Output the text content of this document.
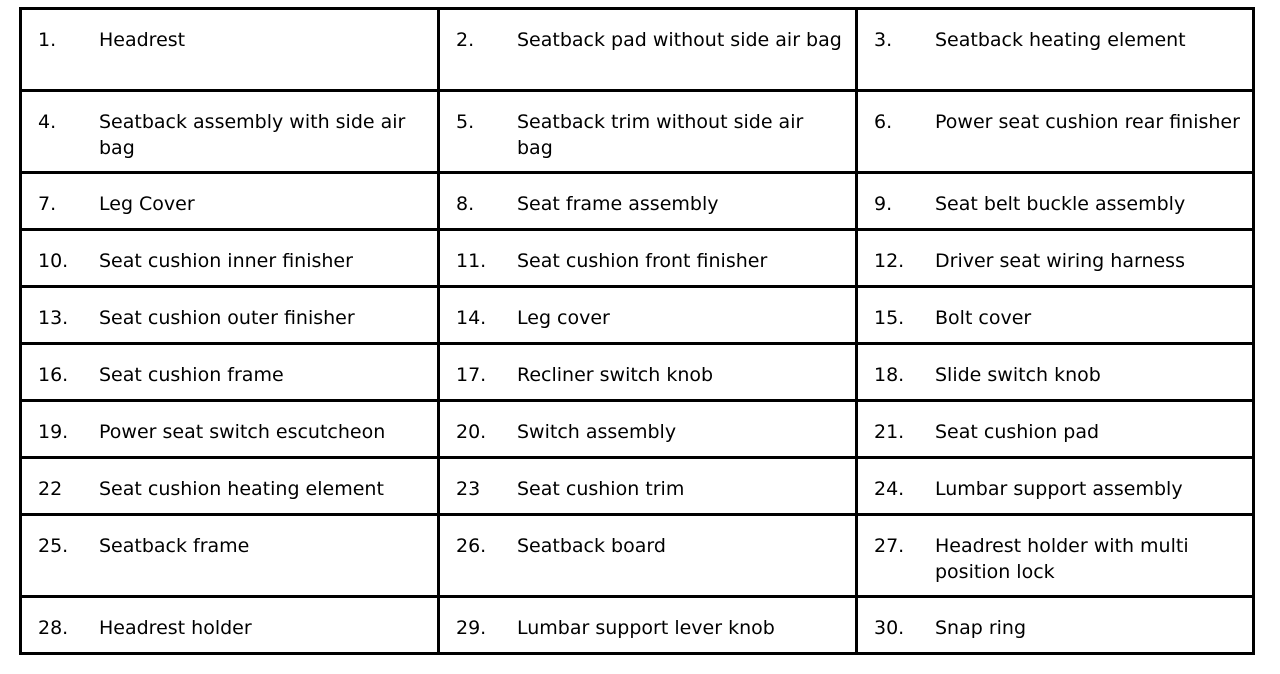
1. Headrest	2. Seatback pad without side air bag	3. Seatback heating element

4. Seatback assembly with side air bag	5. Seatback trim without side air bag	6. Power seat cushion rear finisher

7. Leg Cover	8. Seat frame assembly	9. Seat belt buckle assembly

10. Seat cushion inner finisher	11. Seat cushion front finisher	12. Driver seat wiring harness

13. Seat cushion outer finisher	14. Leg cover	15. Bolt cover

16. Seat cushion frame	17. Recliner switch knob	18. Slide switch knob

19. Power seat switch escutcheon	20. Switch assembly	21. Seat cushion pad

22 Seat cushion heating element	23 Seat cushion trim	24. Lumbar support assembly

25. Seatback frame	26. Seatback board	27. Headrest holder with multi position lock

28. Headrest holder	29. Lumbar support lever knob	30. Snap ring
